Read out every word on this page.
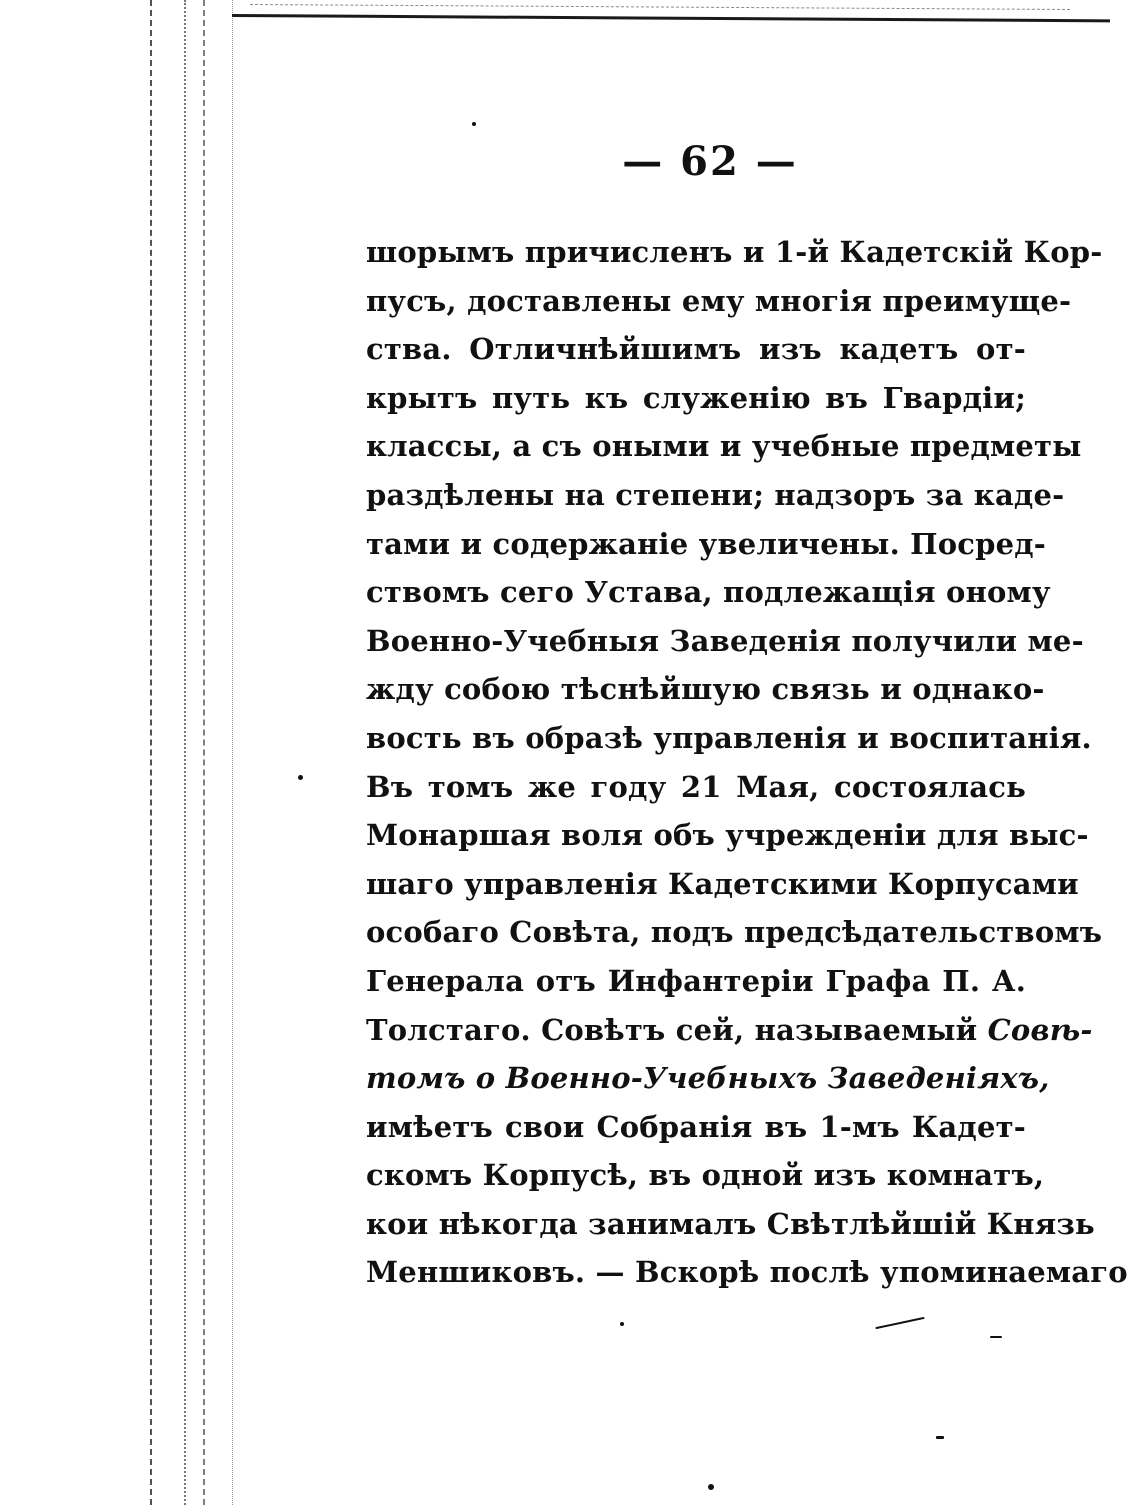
— 62 —
шорымъ причисленъ и 1-й Кадетскій Кор-
пусъ, доставлены ему многія преимуще-
ства. Отличнѣйшимъ изъ кадетъ от-
крытъ путь къ служенію въ Гвардіи;
классы, а съ оными и учебные предметы
раздѣлены на степени; надзоръ за каде-
тами и содержаніе увеличены. Посред-
ствомъ сего Устава, подлежащія оному
Военно-Учебныя Заведенія получили ме-
жду собою тѣснѣйшую связь и однако-
вость въ образѣ управленія и воспитанія.
Въ томъ же году 21 Мая, состоялась
Монаршая воля объ учрежденіи для выс-
шаго управленія Кадетскими Корпусами
особаго Совѣта, подъ предсѣдательствомъ
Генерала отъ Инфантеріи Графа П. А.
Толстаго. Совѣтъ сей, называемый Совѣ-
томъ о Военно-Учебныхъ Заведеніяхъ,
имѣетъ свои Собранія въ 1-мъ Кадет-
скомъ Корпусѣ, въ одной изъ комнатъ,
кои нѣкогда занималъ Свѣтлѣйшій Князь
Меншиковъ. — Вскорѣ послѣ упоминаемаго
